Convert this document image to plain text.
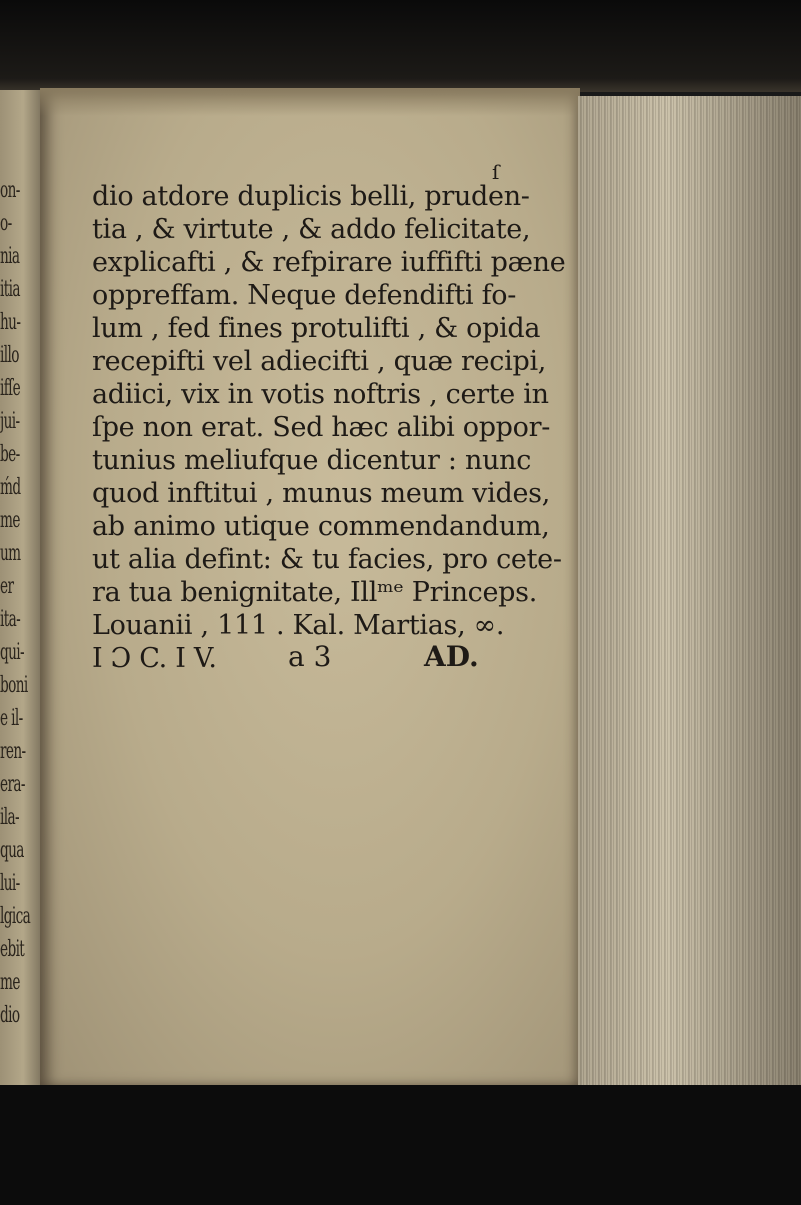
on-
o-
nia
itia
hu-
illo
ifſe
jui-
be-
ḿd
me
um
er
ita-
qui-
boni
e il-
ren-
era-
ila-
qua
lui-
lgica
ebit
me
dio
ſ
dio atdore duplicis belli, pruden-
tia , & virtute , & addo felicitate,
explicafti , & refpirare iuffifti pæne
oppreffam. Neque defendifti fo-
lum , fed fines protulifti , & opida
recepifti vel adiecifti , quæ recipi,
adiici, vix in votis noftris , certe in
ſpe non erat. Sed hæc alibi oppor-
tunius meliufque dicentur : nunc
quod inftitui , munus meum vides,
ab animo utique commendandum,
ut alia defint: & tu facies, pro cete-
ra tua benignitate, Illᵐᵉ Princeps.
Louanii , 111 . Kal. Martias, ∞.
I Ɔ C. I V.	a 3	AD.
